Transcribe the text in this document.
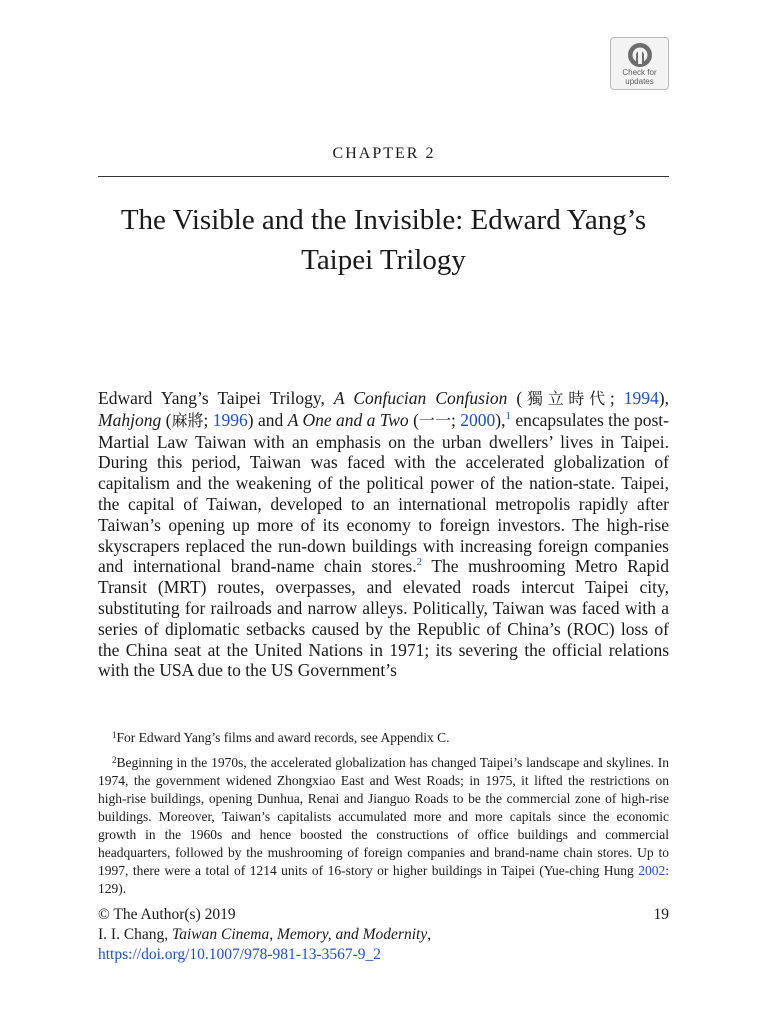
Check for
updates
CHAPTER 2
The Visible and the Invisible: Edward Yang’s Taipei Trilogy

Edward Yang’s Taipei Trilogy, A Confucian Confusion (獨立時代; 1994), Mahjong (麻將; 1996) and A One and a Two (一一; 2000),$^1$ encapsulates the post-Martial Law Taiwan with an emphasis on the urban dwellers’ lives in Taipei. During this period, Taiwan was faced with the accelerated globalization of capitalism and the weakening of the political power of the nation-state. Taipei, the capital of Taiwan, developed to an international metropolis rapidly after Taiwan’s opening up more of its economy to foreign investors. The high-rise skyscrapers replaced the run-down buildings with increasing foreign companies and international brand-name chain stores.$^2$ The mushrooming Metro Rapid Transit (MRT) routes, overpasses, and elevated roads intercut Taipei city, substituting for railroads and narrow alleys. Politically, Taiwan was faced with a series of diplomatic setbacks caused by the Republic of China’s (ROC) loss of the China seat at the United Nations in 1971; its severing the official relations with the USA due to the US Government’s

$^1$For Edward Yang’s films and award records, see Appendix C.

$^2$Beginning in the 1970s, the accelerated globalization has changed Taipei’s landscape and skylines. In 1974, the government widened Zhongxiao East and West Roads; in 1975, it lifted the restrictions on high-rise buildings, opening Dunhua, Renai and Jianguo Roads to be the commercial zone of high-rise buildings. Moreover, Taiwan’s capitalists accumulated more and more capitals since the economic growth in the 1960s and hence boosted the constructions of office buildings and commercial headquarters, followed by the mushrooming of foreign companies and brand-name chain stores. Up to 1997, there were a total of 1214 units of 16-story or higher buildings in Taipei (Yue-ching Hung 2002: 129).

© The Author(s) 2019	19
I. I. Chang, Taiwan Cinema, Memory, and Modernity,
https://doi.org/10.1007/978-981-13-3567-9_2
